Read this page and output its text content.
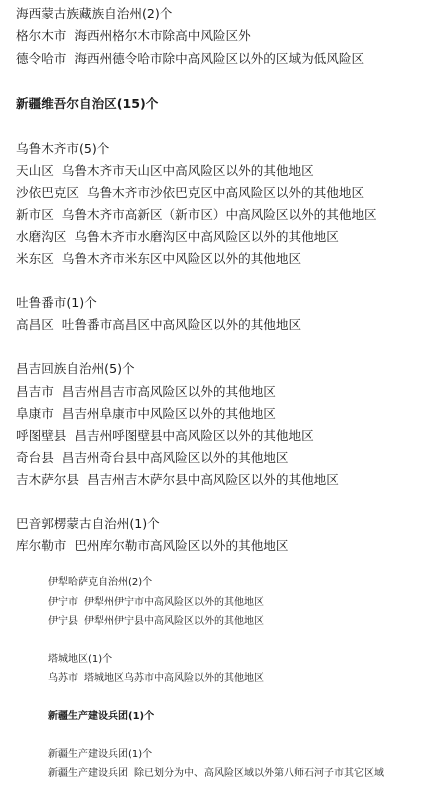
海西蒙古族藏族自治州(2)个
格尔木市 海西州格尔木市除高中风险区外
德令哈市 海西州德令哈市除中高风险区以外的区域为低风险区
新疆维吾尔自治区(15)个
乌鲁木齐市(5)个
天山区 乌鲁木齐市天山区中高风险区以外的其他地区
沙依巴克区 乌鲁木齐市沙依巴克区中高风险区以外的其他地区
新市区 乌鲁木齐市高新区（新市区）中高风险区以外的其他地区
水磨沟区 乌鲁木齐市水磨沟区中高风险区以外的其他地区
米东区 乌鲁木齐市米东区中风险区以外的其他地区
吐鲁番市(1)个
高昌区 吐鲁番市高昌区中高风险区以外的其他地区
昌吉回族自治州(5)个
昌吉市 昌吉州昌吉市高风险区以外的其他地区
阜康市 昌吉州阜康市中风险区以外的其他地区
呼图壁县 昌吉州呼图壁县中高风险区以外的其他地区
奇台县 昌吉州奇台县中高风险区以外的其他地区
吉木萨尔县 昌吉州吉木萨尔县中高风险区以外的其他地区
巴音郭楞蒙古自治州(1)个
库尔勒市 巴州库尔勒市高风险区以外的其他地区
伊犁哈萨克自治州(2)个
伊宁市 伊犁州伊宁市中高风险区以外的其他地区
伊宁县 伊犁州伊宁县中高风险区以外的其他地区
塔城地区(1)个
乌苏市 塔城地区乌苏市中高风险以外的其他地区
新疆生产建设兵团(1)个
新疆生产建设兵团(1)个
新疆生产建设兵团 除已划分为中、高风险区域以外第八师石河子市其它区域
